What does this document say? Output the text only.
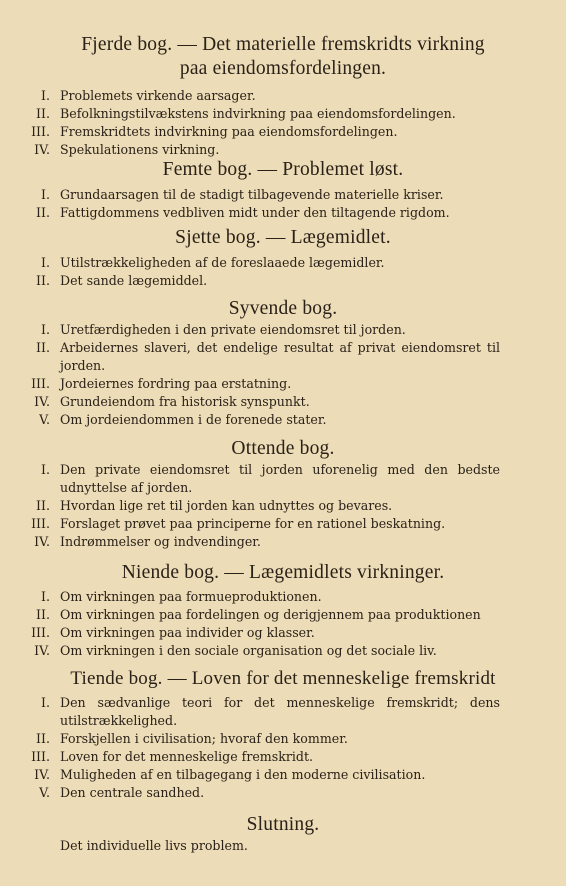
Fjerde bog. — Det materielle fremskridts virkning

paa eiendomsfordelingen.

I. Problemets virkende aarsager.
II. Befolkningstilvækstens indvirkning paa eiendomsfordelingen.
III. Fremskridtets indvirkning paa eiendomsfordelingen.
IV. Spekulationens virkning.

Femte bog. — Problemet løst.

I. Grundaarsagen til de stadigt tilbagevende materielle kriser.
II. Fattigdommens vedbliven midt under den tiltagende rigdom.

Sjette bog. — Lægemidlet.

I. Utilstrækkeligheden af de foreslaaede lægemidler.
II. Det sande lægemiddel.

Syvende bog.

I. Uretfærdigheden i den private eiendomsret til jorden.
II. Arbeidernes slaveri, det endelige resultat af privat eiendomsret til jorden.
III. Jordeiernes fordring paa erstatning.
IV. Grundeiendom fra historisk synspunkt.
V. Om jordeiendommen i de forenede stater.

Ottende bog.

I. Den private eiendomsret til jorden uforenelig med den bedste udnyttelse af jorden.
II. Hvordan lige ret til jorden kan udnyttes og bevares.
III. Forslaget prøvet paa principerne for en rationel beskatning.
IV. Indrømmelser og indvendinger.

Niende bog. — Lægemidlets virkninger.

I. Om virkningen paa formueproduktionen.
II. Om virkningen paa fordelingen og derigjennem paa produktionen
III. Om virkningen paa individer og klasser.
IV. Om virkningen i den sociale organisation og det sociale liv.

Tiende bog. — Loven for det menneskelige fremskridt

I. Den sædvanlige teori for det menneskelige fremskridt; dens utilstrækkelighed.
II. Forskjellen i civilisation; hvoraf den kommer.
III. Loven for det menneskelige fremskridt.
IV. Muligheden af en tilbagegang i den moderne civilisation.
V. Den centrale sandhed.

Slutning.

Det individuelle livs problem.
